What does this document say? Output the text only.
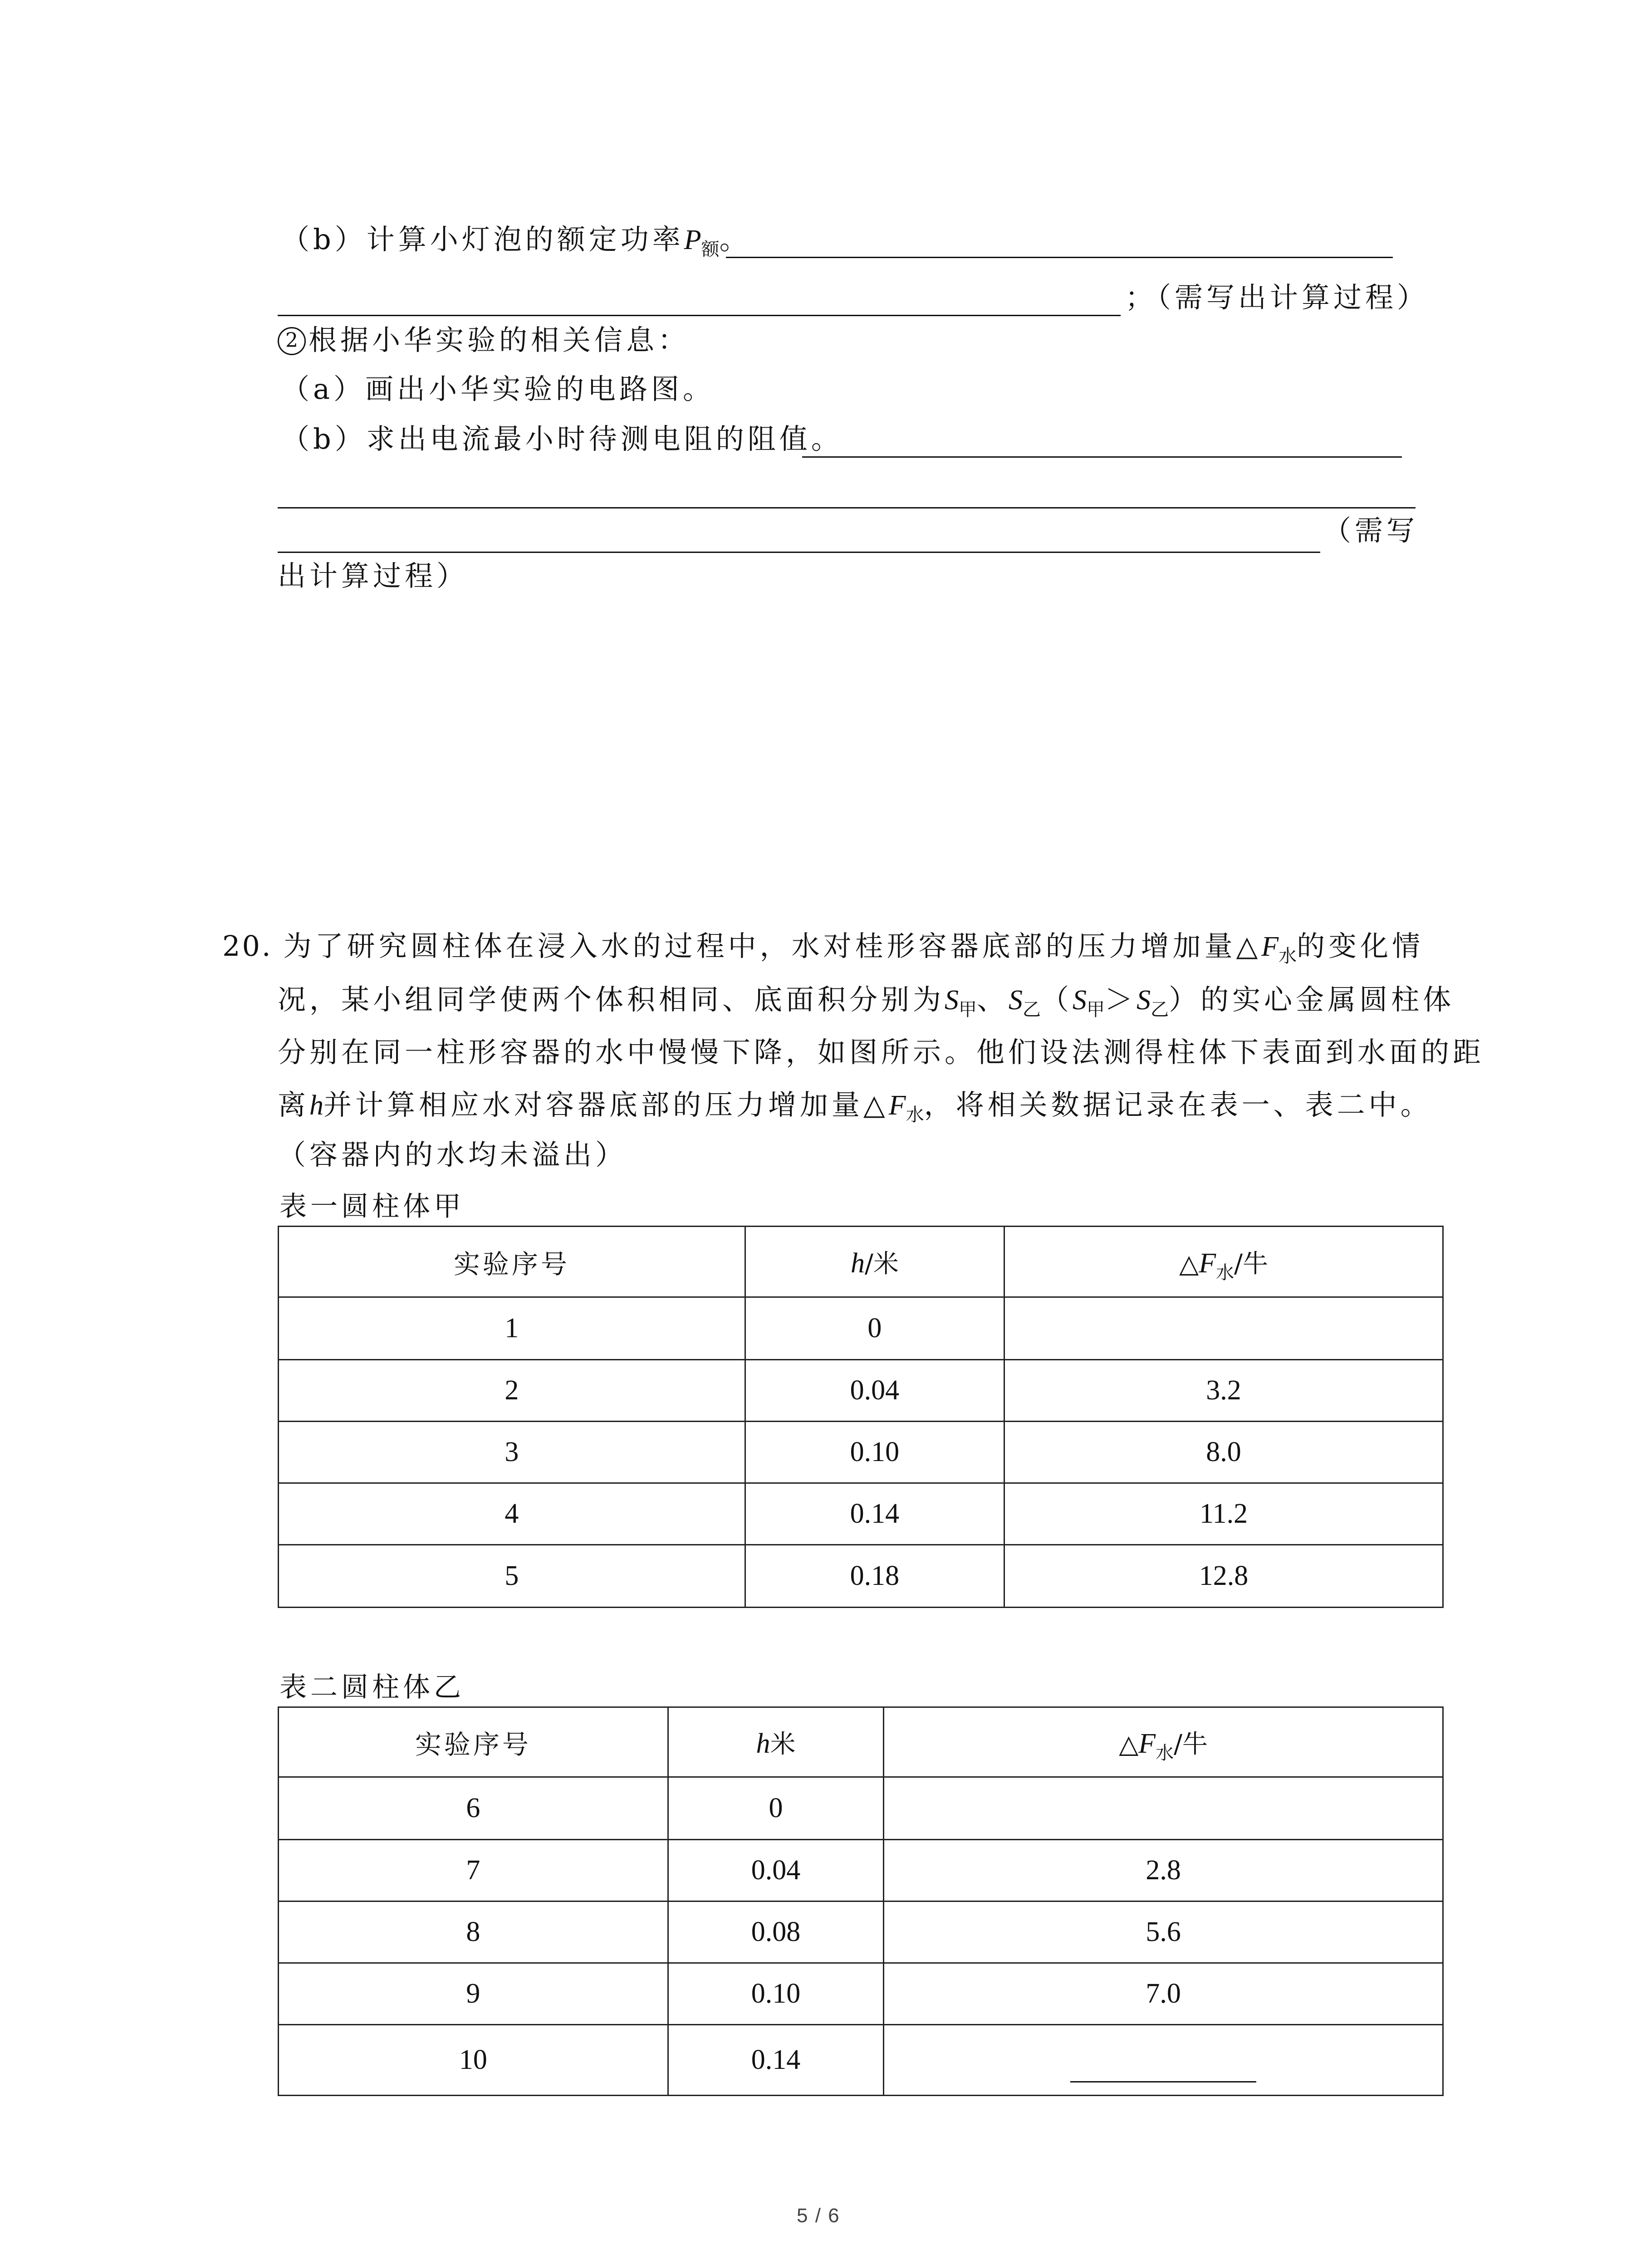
（b）计算小灯泡的额定功率$P_额$。
；（需写出计算过程）
2 根据小华实验的相关信息：
（a）画出小华实验的电路图。
（b）求出电流最小时待测电阻的阻值。
（需写
出计算过程）
20. 为了研究圆柱体在浸入水的过程中，水对桂形容器底部的压力增加量$\triangle F_水$的变化情
况，某小组同学使两个体积相同、底面积分别为$S_甲$、$S_乙(S_甲>S_乙)$的实心金属圆柱体
分别在同一柱形容器的水中慢慢下降，如图所示。他们设法测得柱体下表面到水面的距
离h并计算相应水对容器底部的压力增加量$\triangle F_水$，将相关数据记录在表一、表二中。
（容器内的水均未溢出）
表一圆柱体甲
实验序号	h/米	$\triangle F_水/$牛
1	0	
2	0.04	3.2
3	0.10	8.0
4	0.14	11.2
5	0.18	12.8
表二圆柱体乙
实验序号	h米	$\triangle F_水/$牛
6	0	
7	0.04	2.8
8	0.08	5.6
9	0.10	7.0
10	0.14	
5 / 6
